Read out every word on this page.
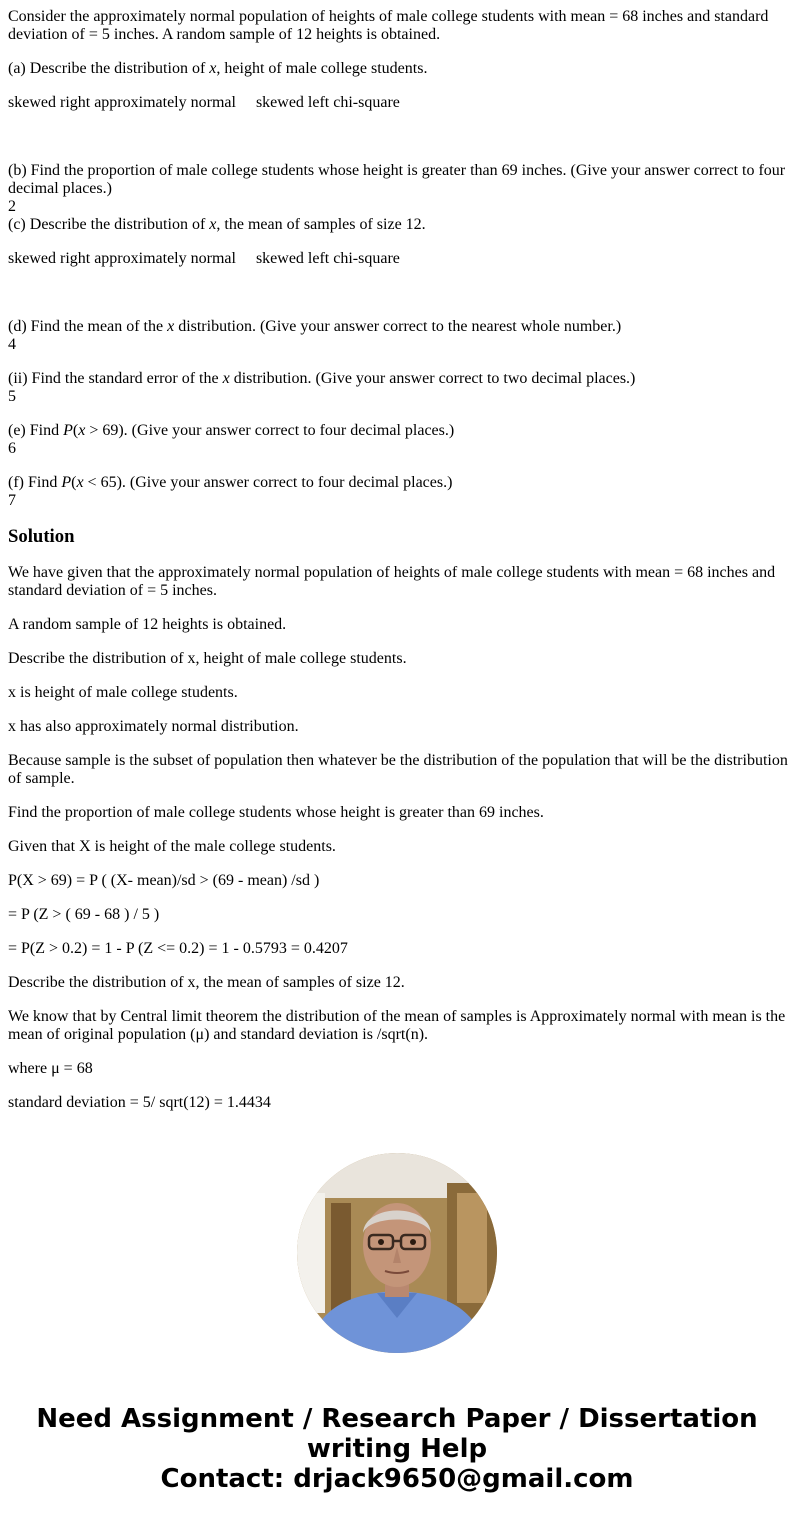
Consider the approximately normal population of heights of male college students with mean = 68 inches and standard deviation of = 5 inches. A random sample of 12 heights is obtained.

(a) Describe the distribution of x, height of male college students.

skewed right approximately normal     skewed left chi-square

(b) Find the proportion of male college students whose height is greater than 69 inches. (Give your answer correct to four decimal places.)

2

(c) Describe the distribution of x, the mean of samples of size 12.

skewed right approximately normal     skewed left chi-square

(d) Find the mean of the x distribution. (Give your answer correct to the nearest whole number.)

4

(ii) Find the standard error of the x distribution. (Give your answer correct to two decimal places.)

5

(e) Find P(x > 69). (Give your answer correct to four decimal places.)

6

(f) Find P(x < 65). (Give your answer correct to four decimal places.)

7
Solution

We have given that the approximately normal population of heights of male college students with mean = 68 inches and standard deviation of = 5 inches.

A random sample of 12 heights is obtained.

Describe the distribution of x, height of male college students.

x is height of male college students.

x has also approximately normal distribution.

Because sample is the subset of population then whatever be the distribution of the population that will be the distribution of sample.

Find the proportion of male college students whose height is greater than 69 inches.

Given that X is height of the male college students.

P(X > 69) = P ( (X- mean)/sd > (69 - mean) /sd )

= P (Z > ( 69 - 68 ) / 5 )

= P(Z > 0.2) = 1 - P (Z <= 0.2) = 1 - 0.5793 = 0.4207

Describe the distribution of x, the mean of samples of size 12.

We know that by Central limit theorem the distribution of the mean of samples is Approximately normal with mean is the mean of original population (μ) and standard deviation is /sqrt(n).

where μ = 68

standard deviation = 5/ sqrt(12) = 1.4434

Need Assignment / Research Paper / Dissertation
writing Help
Contact: drjack9650@gmail.com
